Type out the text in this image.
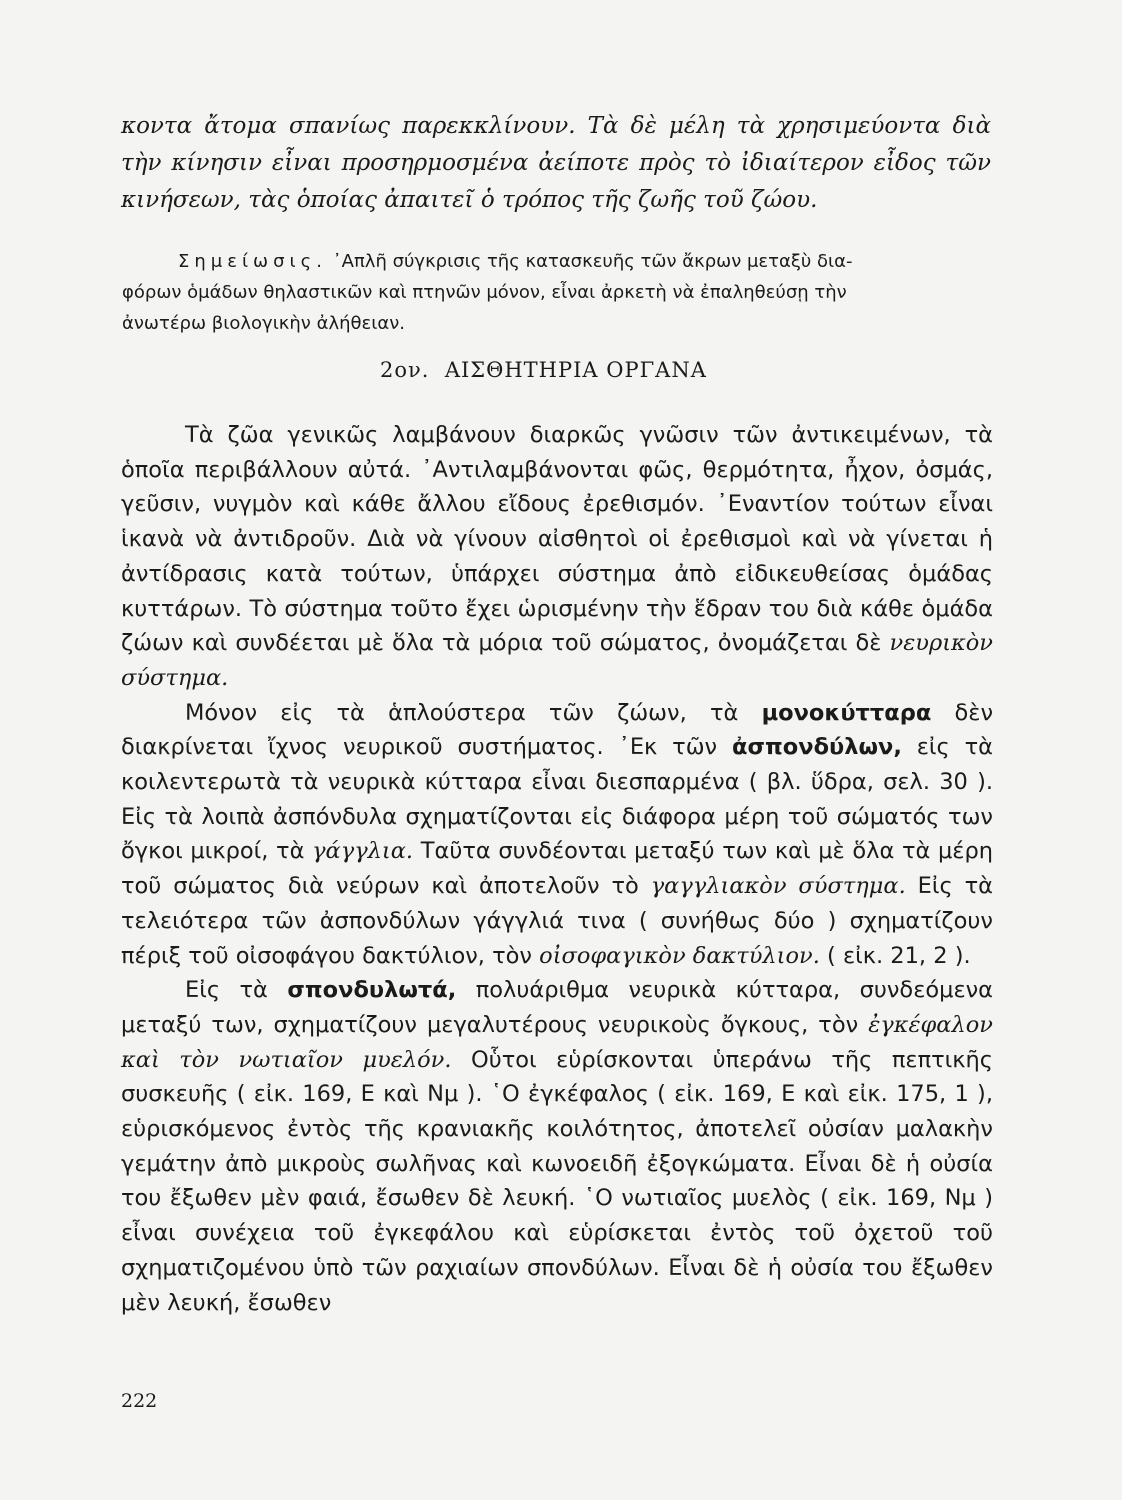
κοντα ἄτομα σπανίως παρεκκλίνουν. Τὰ δὲ μέλη τὰ χρησιμεύοντα διὰ τὴν κίνησιν εἶναι προσηρμοσμένα ἀείποτε πρὸς τὸ ἰδιαίτερον εἶδος τῶν κινήσεων, τὰς ὁποίας ἀπαιτεῖ ὁ τρόπος τῆς ζωῆς τοῦ ζώου.
Σημείωσις. ᾿Απλῆ σύγκρισις τῆς κατασκευῆς τῶν ἄκρων μεταξὺ δια-
φόρων ὁμάδων θηλαστικῶν καὶ πτηνῶν μόνον, εἶναι ἀρκετὴ νὰ ἐπαληθεύσῃ τὴν
ἀνωτέρω βιολογικὴν ἀλήθειαν.
2ον. ΑΙΣΘΗΤΗΡΙΑ ΟΡΓΑΝΑ

Τὰ ζῶα γενικῶς λαμβάνουν διαρκῶς γνῶσιν τῶν ἀντικειμένων, τὰ ὁποῖα περιβάλλουν αὐτά. ᾿Αντιλαμβάνονται φῶς, θερμότητα, ἦχον, ὀσμάς, γεῦσιν, νυγμὸν καὶ κάθε ἄλλου εἴδους ἐρεθισμόν. ᾿Εναντίον τούτων εἶναι ἱκανὰ νὰ ἀντιδροῦν. Διὰ νὰ γίνουν αἰσθητοὶ οἱ ἐρεθισμοὶ καὶ νὰ γίνεται ἡ ἀντίδρασις κατὰ τούτων, ὑπάρχει σύστημα ἀπὸ εἰδικευθείσας ὁμάδας κυττάρων. Τὸ σύστημα τοῦτο ἔχει ὡρισμένην τὴν ἕδραν του διὰ κάθε ὁμάδα ζώων καὶ συνδέεται μὲ ὅλα τὰ μόρια τοῦ σώματος, ὀνομάζεται δὲ νευρικὸν σύστημα.

Μόνον εἰς τὰ ἁπλούστερα τῶν ζώων, τὰ μονοκύτταρα δὲν διακρίνεται ἴχνος νευρικοῦ συστήματος. ᾿Εκ τῶν ἀσπονδύλων, εἰς τὰ κοιλεντερωτὰ τὰ νευρικὰ κύτταρα εἶναι διεσπαρμένα ( βλ. ὕδρα, σελ. 30 ). Εἰς τὰ λοιπὰ ἀσπόνδυλα σχηματίζονται εἰς διάφορα μέρη τοῦ σώματός των ὄγκοι μικροί, τὰ γάγγλια. Ταῦτα συνδέονται μεταξύ των καὶ μὲ ὅλα τὰ μέρη τοῦ σώματος διὰ νεύρων καὶ ἀποτελοῦν τὸ γαγγλιακὸν σύστημα. Εἰς τὰ τελειότερα τῶν ἀσπονδύλων γάγγλιά τινα ( συνήθως δύο ) σχηματίζουν πέριξ τοῦ οἰσοφάγου δακτύλιον, τὸν οἰσοφαγικὸν δακτύλιον. ( εἰκ. 21, 2 ).

Εἰς τὰ σπονδυλωτά, πολυάριθμα νευρικὰ κύτταρα, συνδεόμενα μεταξύ των, σχηματίζουν μεγαλυτέρους νευρικοὺς ὄγκους, τὸν ἐγκέφαλον καὶ τὸν νωτιαῖον μυελόν. Οὗτοι εὑρίσκονται ὑπεράνω τῆς πεπτικῆς συσκευῆς ( εἰκ. 169, Ε καὶ Νμ ). ῾Ο ἐγκέφαλος ( εἰκ. 169, Ε καὶ εἰκ. 175, 1 ), εὑρισκόμενος ἐντὸς τῆς κρανιακῆς κοιλότητος, ἀποτελεῖ οὐσίαν μαλακὴν γεμάτην ἀπὸ μικροὺς σωλῆνας καὶ κωνοειδῆ ἐξογκώματα. Εἶναι δὲ ἡ οὐσία του ἔξωθεν μὲν φαιά, ἔσωθεν δὲ λευκή. ῾Ο νωτιαῖος μυελὸς ( εἰκ. 169, Νμ ) εἶναι συνέχεια τοῦ ἐγκεφάλου καὶ εὑρίσκεται ἐντὸς τοῦ ὀχετοῦ τοῦ σχηματιζομένου ὑπὸ τῶν ραχιαίων σπονδύλων. Εἶναι δὲ ἡ οὐσία του ἔξωθεν μὲν λευκή, ἔσωθεν

222
